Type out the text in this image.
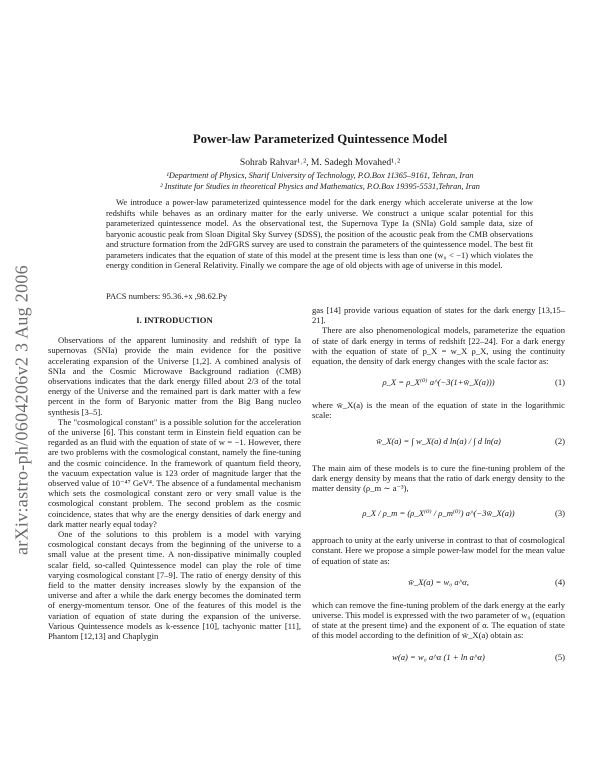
arXiv:astro-ph/0604206v2 3 Aug 2006
Power-law Parameterized Quintessence Model
Sohrab Rahvar¹˒², M. Sadegh Movahed¹˒²
¹Department of Physics, Sharif University of Technology, P.O.Box 11365–9161, Tehran, Iran
² Institute for Studies in theoretical Physics and Mathematics, P.O.Box 19395-5531,Tehran, Iran

We introduce a power-law parameterized quintessence model for the dark energy which accelerate universe at the low redshifts while behaves as an ordinary matter for the early universe. We construct a unique scalar potential for this parameterized quintessence model. As the observational test, the Supernova Type Ia (SNIa) Gold sample data, size of baryonic acoustic peak from Sloan Digital Sky Survey (SDSS), the position of the acoustic peak from the CMB observations and structure formation from the 2dFGRS survey are used to constrain the parameters of the quintessence model. The best fit parameters indicates that the equation of state of this model at the present time is less than one (w₀ < −1) which violates the energy condition in General Relativity. Finally we compare the age of old objects with age of universe in this model.

PACS numbers: 95.36.+x ,98.62.Py
I. INTRODUCTION

Observations of the apparent luminosity and redshift of type Ia supernovas (SNIa) provide the main evidence for the positive accelerating expansion of the Universe [1,2]. A combined analysis of SNIa and the Cosmic Microwave Background radiation (CMB) observations indicates that the dark energy filled about 2/3 of the total energy of the Universe and the remained part is dark matter with a few percent in the form of Baryonic matter from the Big Bang nucleo synthesis [3–5].

The "cosmological constant" is a possible solution for the acceleration of the universe [6]. This constant term in Einstein field equation can be regarded as an fluid with the equation of state of w = −1. However, there are two problems with the cosmological constant, namely the fine-tuning and the cosmic coincidence. In the framework of quantum field theory, the vacuum expectation value is 123 order of magnitude larger that the observed value of 10⁻⁴⁷ GeV⁴. The absence of a fundamental mechanism which sets the cosmological constant zero or very small value is the cosmological constant problem. The second problem as the cosmic coincidence, states that why are the energy densities of dark energy and dark matter nearly equal today?

One of the solutions to this problem is a model with varying cosmological constant decays from the beginning of the universe to a small value at the present time. A non-dissipative minimally coupled scalar field, so-called Quintessence model can play the role of time varying cosmological constant [7–9]. The ratio of energy density of this field to the matter density increases slowly by the expansion of the universe and after a while the dark energy becomes the dominated term of energy-momentum tensor. One of the features of this model is the variation of equation of state during the expansion of the universe. Various Quintessence models as k-essence [10], tachyonic matter [11], Phantom [12,13] and Chaplygin

gas [14] provide various equation of states for the dark energy [13,15–21].

There are also phenomenological models, parameterize the equation of state of dark energy in terms of redshift [22–24]. For a dark energy with the equation of state of p_X = w_X ρ_X, using the continuity equation, the density of dark energy changes with the scale factor as:

ρ_X = ρ_X⁽⁰⁾ a^(−3(1+w̄_X(a)))	(1)

where w̄_X(a) is the mean of the equation of state in the logarithmic scale:

w̄_X(a) = ∫ w_X(a) d ln(a) / ∫ d ln(a)	(2)

The main aim of these models is to cure the fine-tuning problem of the dark energy density by means that the ratio of dark energy density to the matter density (ρ_m ∼ a⁻³),

ρ_X / ρ_m = (ρ_X⁽⁰⁾ / ρ_m⁽⁰⁾) a^(−3w̄_X(a))	(3)

approach to unity at the early universe in contrast to that of cosmological constant. Here we propose a simple power-law model for the mean value of equation of state as:

w̄_X(a) = w₀ a^α,	(4)

which can remove the fine-tuning problem of the dark energy at the early universe. This model is expressed with the two parameter of w₀ (equation of state at the present time) and the exponent of α. The equation of state of this model according to the definition of w̄_X(a) obtain as:

w(a) = w₀ a^α (1 + ln a^α)	(5)
